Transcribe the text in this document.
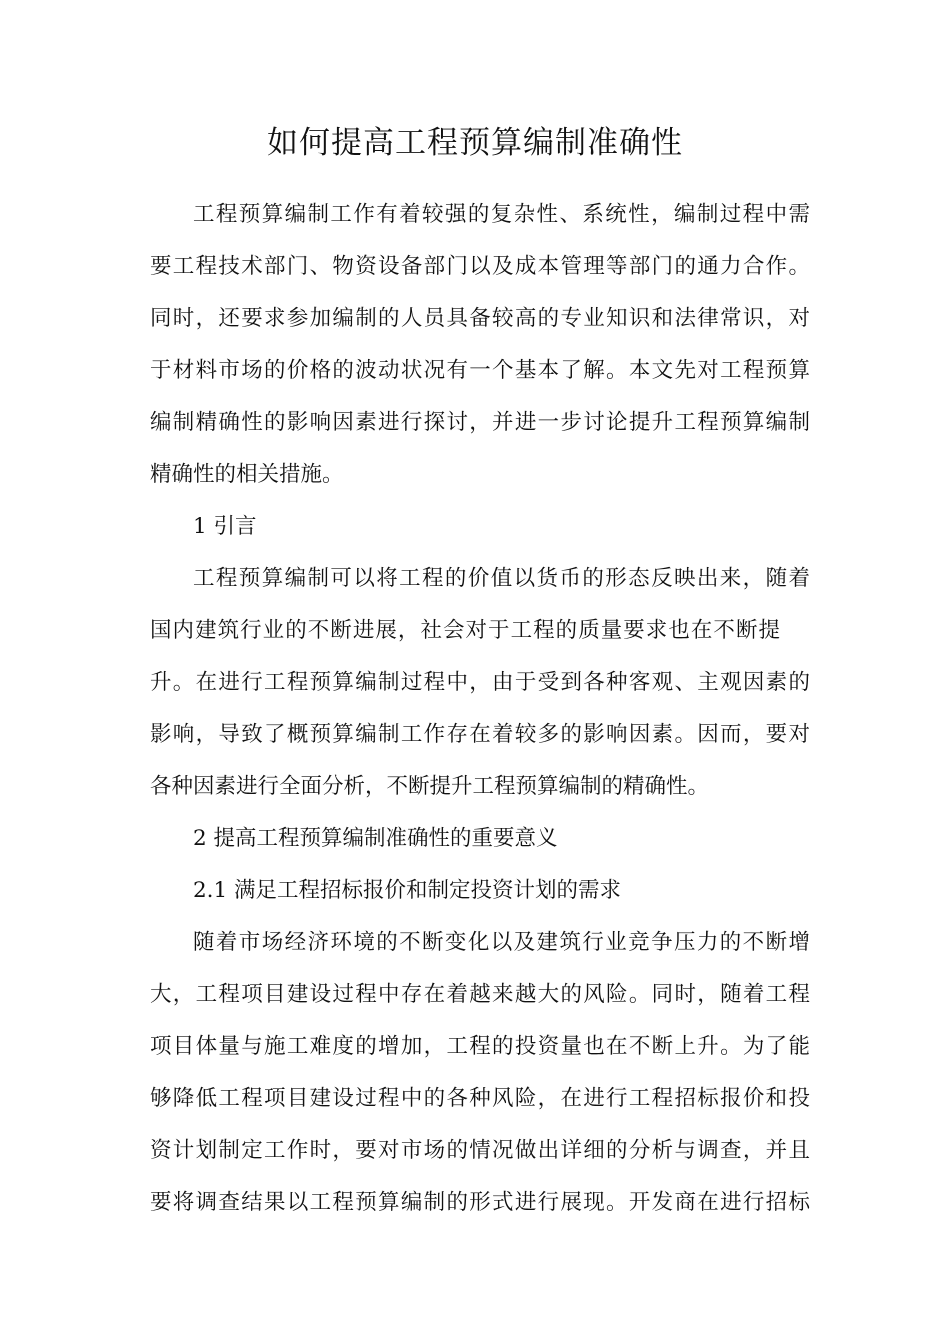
如何提高工程预算编制准确性

工程预算编制工作有着较强的复杂性、系统性，编制过程中需

要工程技术部门、物资设备部门以及成本管理等部门的通力合作。

同时，还要求参加编制的人员具备较高的专业知识和法律常识，对

于材料市场的价格的波动状况有一个基本了解。本文先对工程预算

编制精确性的影响因素进行探讨，并进一步讨论提升工程预算编制

精确性的相关措施。

1 引言

工程预算编制可以将工程的价值以货币的形态反映出来，随着

国内建筑行业的不断进展，社会对于工程的质量要求也在不断提

升。在进行工程预算编制过程中，由于受到各种客观、主观因素的

影响，导致了概预算编制工作存在着较多的影响因素。因而，要对

各种因素进行全面分析，不断提升工程预算编制的精确性。

2 提高工程预算编制准确性的重要意义

2.1 满足工程招标报价和制定投资计划的需求

随着市场经济环境的不断变化以及建筑行业竞争压力的不断增

大，工程项目建设过程中存在着越来越大的风险。同时，随着工程

项目体量与施工难度的增加，工程的投资量也在不断上升。为了能

够降低工程项目建设过程中的各种风险，在进行工程招标报价和投

资计划制定工作时，要对市场的情况做出详细的分析与调查，并且

要将调查结果以工程预算编制的形式进行展现。开发商在进行招标
